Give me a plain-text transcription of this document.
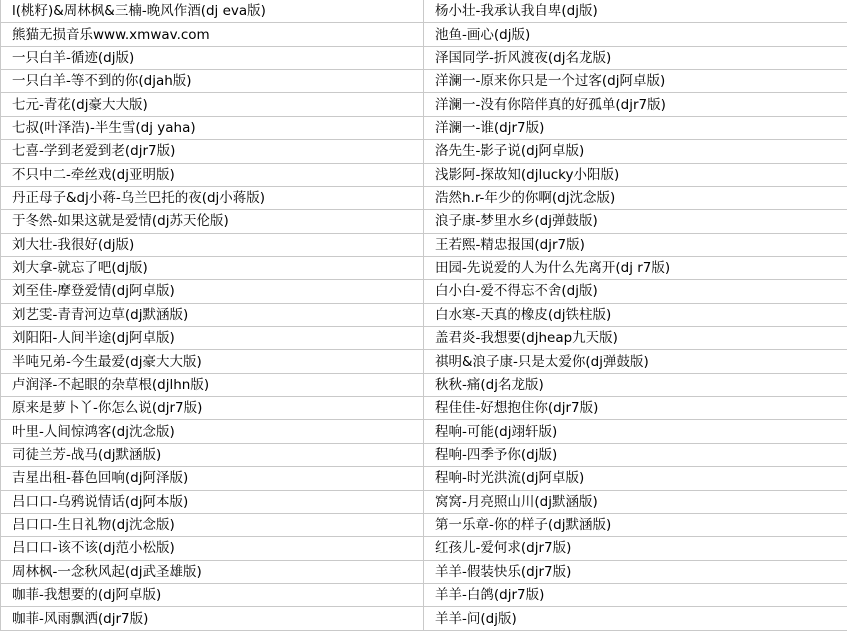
l(桃籽)&周林枫&三楠-晚风作酒(dj eva版)	杨小壮-我承认我自卑(dj版)
熊猫无损音乐www.xmwav.com	池鱼-画心(dj版)
一只白羊-循迹(dj版)	泽国同学-折风渡夜(dj名龙版)
一只白羊-等不到的你(djah版)	洋澜一-原来你只是一个过客(dj阿卓版)
七元-青花(dj豪大大版)	洋澜一-没有你陪伴真的好孤单(djr7版)
七叔(叶泽浩)-半生雪(dj yaha)	洋澜一-谁(djr7版)
七喜-学到老爱到老(djr7版)	洛先生-影子说(dj阿卓版)
不只中二-牵丝戏(dj亚明版)	浅影阿-探故知(djlucky小阳版)
丹正母子&dj小蒋-乌兰巴托的夜(dj小蒋版)	浩然h.r-年少的你啊(dj沈念版)
于冬然-如果这就是爱情(dj苏天伦版)	浪子康-梦里水乡(dj弹鼓版)
刘大壮-我很好(dj版)	王若熙-精忠报国(djr7版)
刘大拿-就忘了吧(dj版)	田园-先说爱的人为什么先离开(dj r7版)
刘至佳-摩登爱情(dj阿卓版)	白小白-爱不得忘不舍(dj版)
刘艺雯-青青河边草(dj默涵版)	白水寒-天真的橡皮(dj铁柱版)
刘阳阳-人间半途(dj阿卓版)	盖君炎-我想要(djheap九天版)
半吨兄弟-今生最爱(dj豪大大版)	祺明&浪子康-只是太爱你(dj弹鼓版)
卢润泽-不起眼的杂草根(djlhn版)	秋秋-痛(dj名龙版)
原来是萝卜丫-你怎么说(djr7版)	程佳佳-好想抱住你(djr7版)
叶里-人间惊鸿客(dj沈念版)	程响-可能(dj翊轩版)
司徒兰芳-战马(dj默涵版)	程响-四季予你(dj版)
吉星出租-暮色回响(dj阿泽版)	程响-时光洪流(dj阿卓版)
吕口口-乌鸦说情话(dj阿本版)	窝窝-月亮照山川(dj默涵版)
吕口口-生日礼物(dj沈念版)	第一乐章-你的样子(dj默涵版)
吕口口-该不该(dj范小松版)	红孩儿-爱何求(djr7版)
周林枫-一念秋风起(dj武圣雄版)	羊羊-假装快乐(djr7版)
咖菲-我想要的(dj阿卓版)	羊羊-白鸽(djr7版)
咖菲-风雨飘洒(djr7版)	羊羊-问(dj版)
